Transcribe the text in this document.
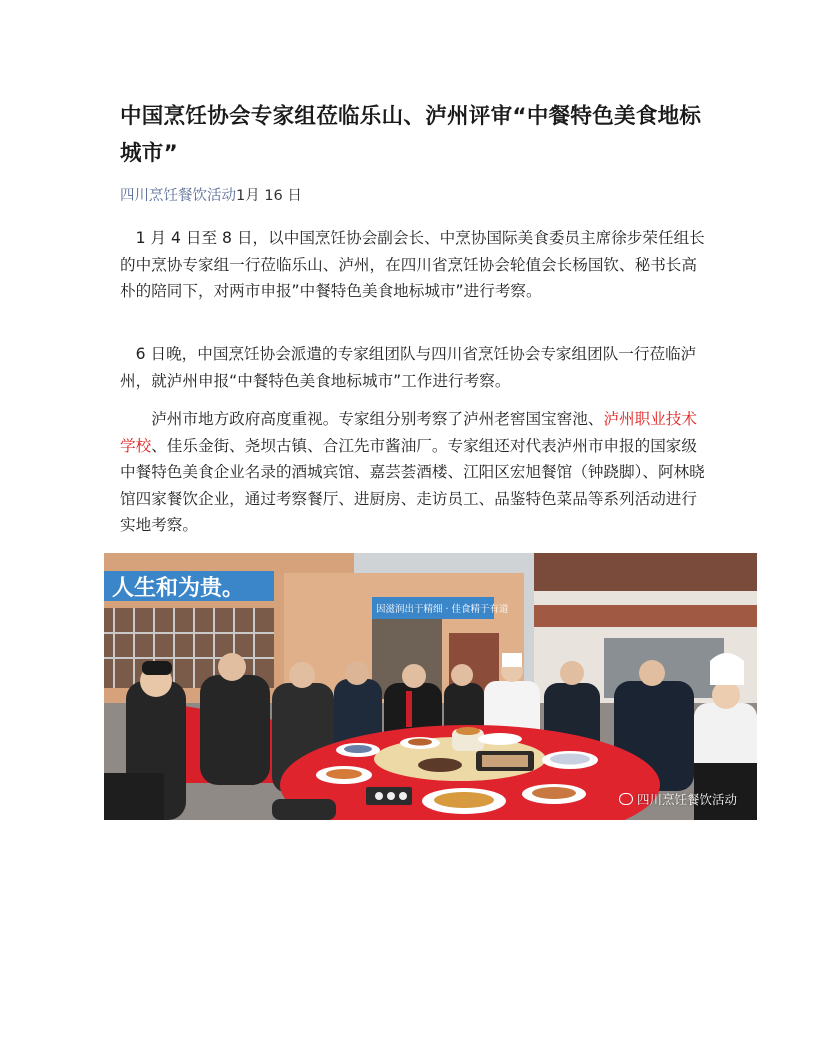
中国烹饪协会专家组莅临乐山、泸州评审“中餐特色美食地标城市”
四川烹饪餐饮活动1月 16 日

　1 月 4 日至 8 日，以中国烹饪协会副会长、中烹协国际美食委员主席徐步荣任组长的中烹协专家组一行莅临乐山、泸州，在四川省烹饪协会轮值会长杨国钦、秘书长高朴的陪同下，对两市申报”中餐特色美食地标城市”进行考察。

　6 日晚，中国烹饪协会派遣的专家组团队与四川省烹饪协会专家组团队一行莅临泸州，就泸州申报“中餐特色美食地标城市”工作进行考察。

　　泸州市地方政府高度重视。专家组分别考察了泸州老窖国宝窖池、泸州职业技术学校、佳乐金街、尧坝古镇、合江先市酱油厂。专家组还对代表泸州市申报的国家级中餐特色美食企业名录的酒城宾馆、嘉芸荟酒楼、江阳区宏旭餐馆（钟跷脚）、阿林晓馆四家餐饮企业，通过考察餐厅、进厨房、走访员工、品鉴特色菜品等系列活动进行实地考察。

人生和为贵。
因滋润出于精细 · 佳食精于有道
四川烹饪餐饮活动
